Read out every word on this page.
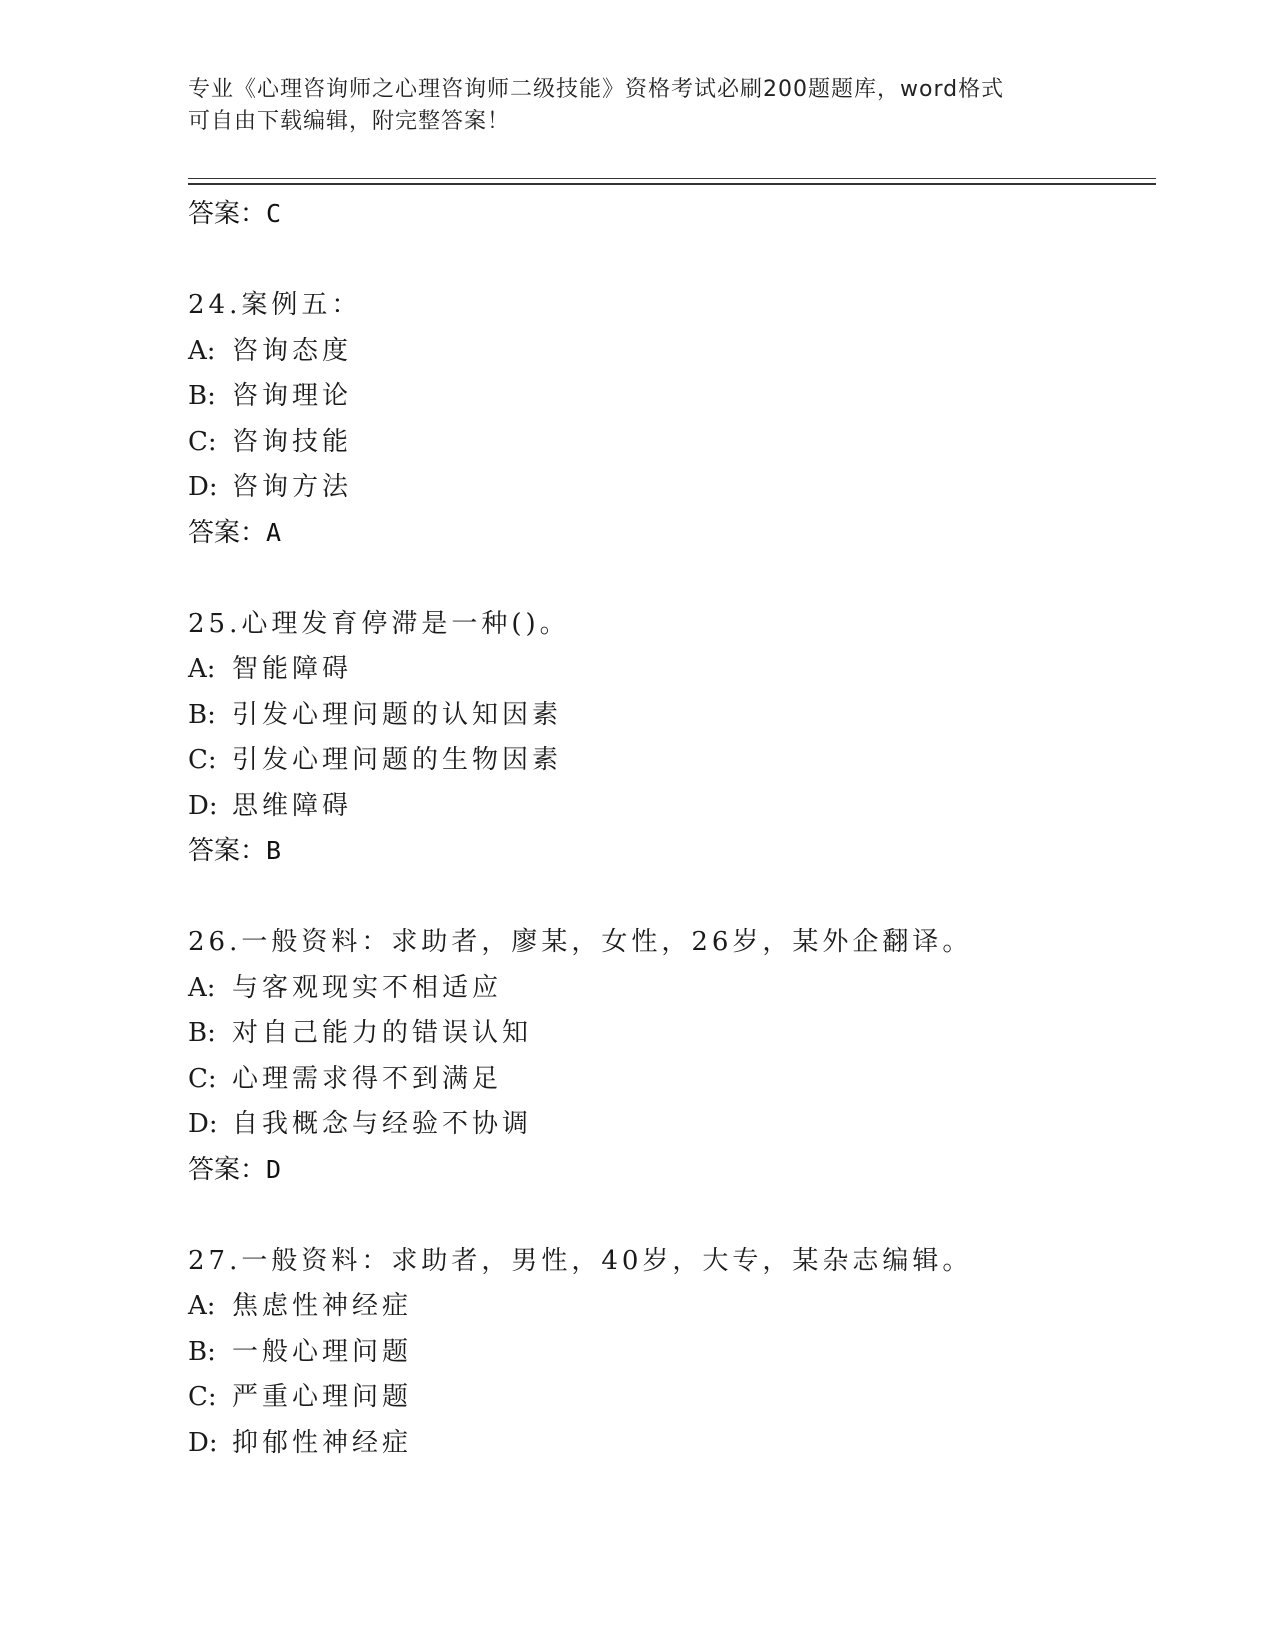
专业《心理咨询师之心理咨询师二级技能》资格考试必刷200题题库，word格式
可自由下载编辑，附完整答案！
答案：C
24.案例五：
A: 咨询态度
B: 咨询理论
C: 咨询技能
D: 咨询方法
答案：A
25.心理发育停滞是一种()。
A: 智能障碍
B: 引发心理问题的认知因素
C: 引发心理问题的生物因素
D: 思维障碍
答案：B
26.一般资料：求助者，廖某，女性，26岁，某外企翻译。
A: 与客观现实不相适应
B: 对自己能力的错误认知
C: 心理需求得不到满足
D: 自我概念与经验不协调
答案：D
27.一般资料：求助者，男性，40岁，大专，某杂志编辑。
A: 焦虑性神经症
B: 一般心理问题
C: 严重心理问题
D: 抑郁性神经症
